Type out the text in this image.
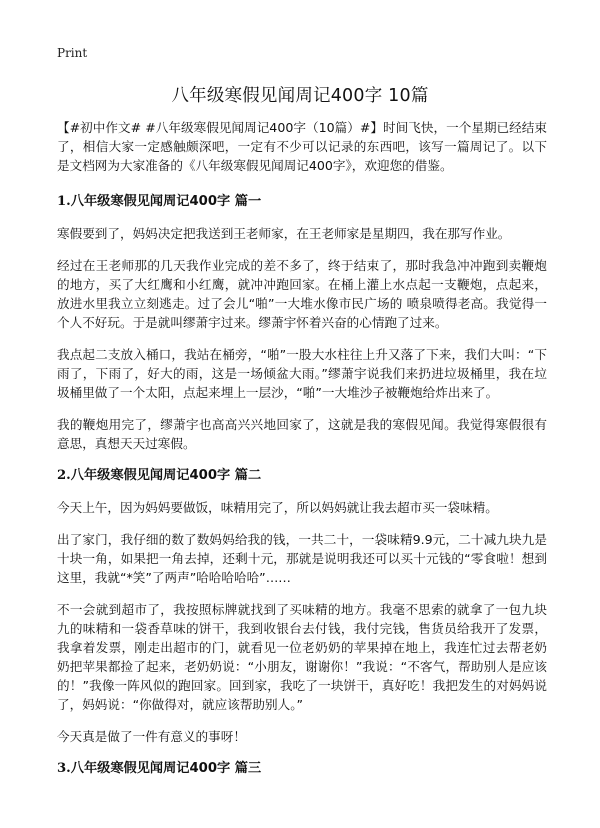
Print
八年级寒假见闻周记400字 10篇

【#初中作文# #八年级寒假见闻周记400字（10篇）#】时间飞快，一个星期已经结束了，相信大家一定感触颇深吧，一定有不少可以记录的东西吧，该写一篇周记了。以下是文档网为大家准备的《八年级寒假见闻周记400字》，欢迎您的借鉴。

1.八年级寒假见闻周记400字 篇一

寒假要到了，妈妈决定把我送到王老师家，在王老师家是星期四，我在那写作业。

经过在王老师那的几天我作业完成的差不多了，终于结束了，那时我急冲冲跑到卖鞭炮的地方，买了大红鹰和小红鹰，就冲冲跑回家。在桶上灌上水点起一支鞭炮，点起来，放进水里我立立刻逃走。过了会儿“啪”一大堆水像市民广场的 喷泉喷得老高。我觉得一个人不好玩。于是就叫缪萧宇过来。缪萧宇怀着兴奋的心情跑了过来。

我点起二支放入桶口，我站在桶旁，“啪”一股大水柱往上升又落了下来，我们大叫：“下雨了，下雨了，好大的雨，这是一场倾盆大雨。”缪萧宇说我们来扔进垃圾桶里，我在垃圾桶里做了一个太阳，点起来埋上一层沙，“啪”一大堆沙子被鞭炮给炸出来了。

我的鞭炮用完了，缪萧宇也高高兴兴地回家了，这就是我的寒假见闻。我觉得寒假很有意思，真想天天过寒假。

2.八年级寒假见闻周记400字 篇二

今天上午，因为妈妈要做饭，味精用完了，所以妈妈就让我去超市买一袋味精。

出了家门，我仔细的数了数妈妈给我的钱，一共二十，一袋味精9.9元，二十减九块九是十块一角，如果把一角去掉，还剩十元，那就是说明我还可以买十元钱的“零食啦！想到这里，我就“*笑”了两声”哈哈哈哈哈”……

不一会就到超市了，我按照标牌就找到了买味精的地方。我毫不思索的就拿了一包九块九的味精和一袋香草味的饼干，我到收银台去付钱，我付完钱，售货员给我开了发票，我拿着发票，刚走出超市的门，就看见一位老奶奶的苹果掉在地上，我连忙过去帮老奶奶把苹果都捡了起来，老奶奶说：“小朋友，谢谢你！”我说：“不客气，帮助别人是应该的！”我像一阵风似的跑回家。回到家，我吃了一块饼干，真好吃！我把发生的对妈妈说了，妈妈说：“你做得对，就应该帮助别人。”

今天真是做了一件有意义的事呀！

3.八年级寒假见闻周记400字 篇三
